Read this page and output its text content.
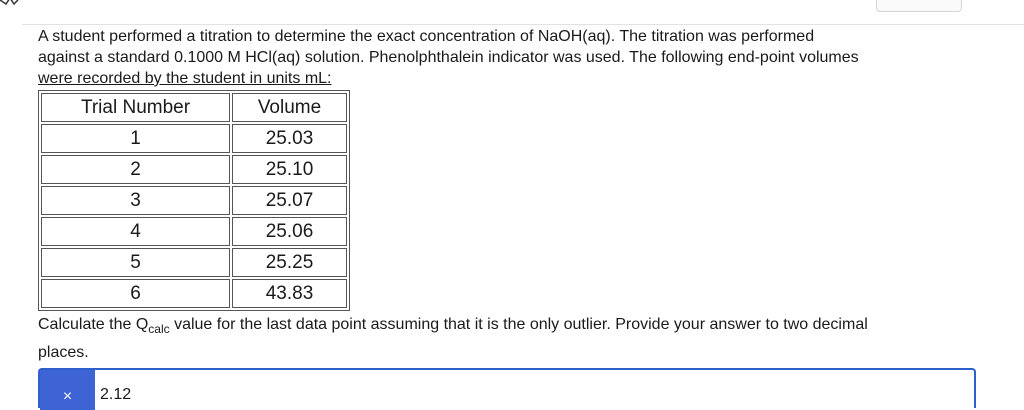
A student performed a titration to determine the exact concentration of NaOH(aq). The titration was performed
against a standard 0.1000 M HCl(aq) solution. Phenolphthalein indicator was used. The following end-point volumes
were recorded by the student in units mL:
Trial Number	Volume
1	25.03
2	25.10
3	25.07
4	25.06
5	25.25
6	43.83
Calculate the $Q_{calc}$ value for the last data point assuming that it is the only outlier. Provide your answer to two decimal
places.
×	2.12
